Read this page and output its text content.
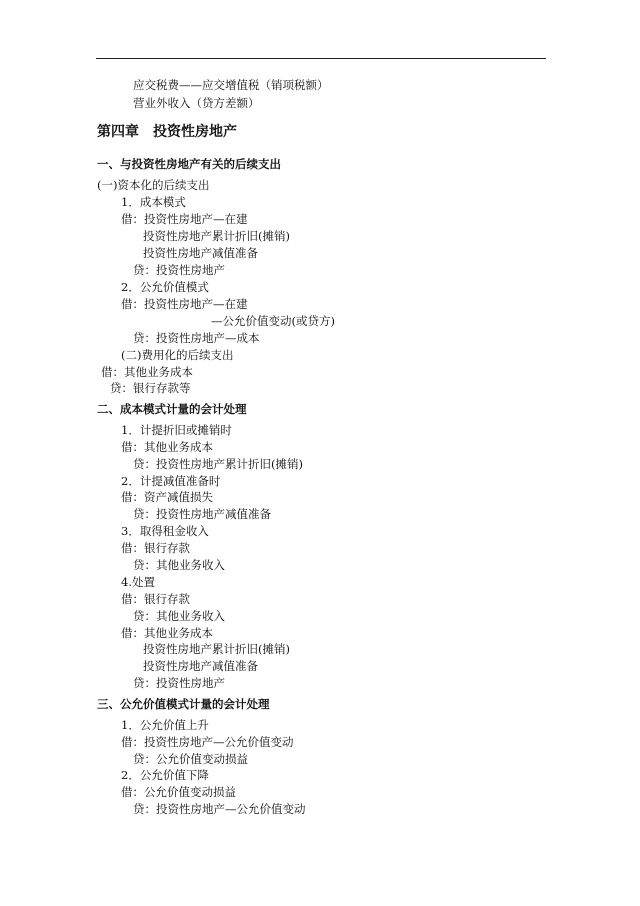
应交税费——应交增值税（销项税额）
营业外收入（贷方差额）
第四章　投资性房地产
一、与投资性房地产有关的后续支出
(一)资本化的后续支出
1．成本模式
借：投资性房地产—在建
投资性房地产累计折旧(摊销)
投资性房地产减值准备
贷：投资性房地产
2．公允价值模式
借：投资性房地产—在建
—公允价值变动(或贷方)
贷：投资性房地产—成本
(二)费用化的后续支出
借：其他业务成本
贷：银行存款等
二、成本模式计量的会计处理
1．计提折旧或摊销时
借：其他业务成本
贷：投资性房地产累计折旧(摊销)
2．计提减值准备时
借：资产减值损失
贷：投资性房地产减值准备
3．取得租金收入
借：银行存款
贷：其他业务收入
4.处置
借：银行存款
贷：其他业务收入
借：其他业务成本
投资性房地产累计折旧(摊销)
投资性房地产减值准备
贷：投资性房地产
三、公允价值模式计量的会计处理
1．公允价值上升
借：投资性房地产—公允价值变动
贷：公允价值变动损益
2．公允价值下降
借：公允价值变动损益
贷：投资性房地产—公允价值变动
